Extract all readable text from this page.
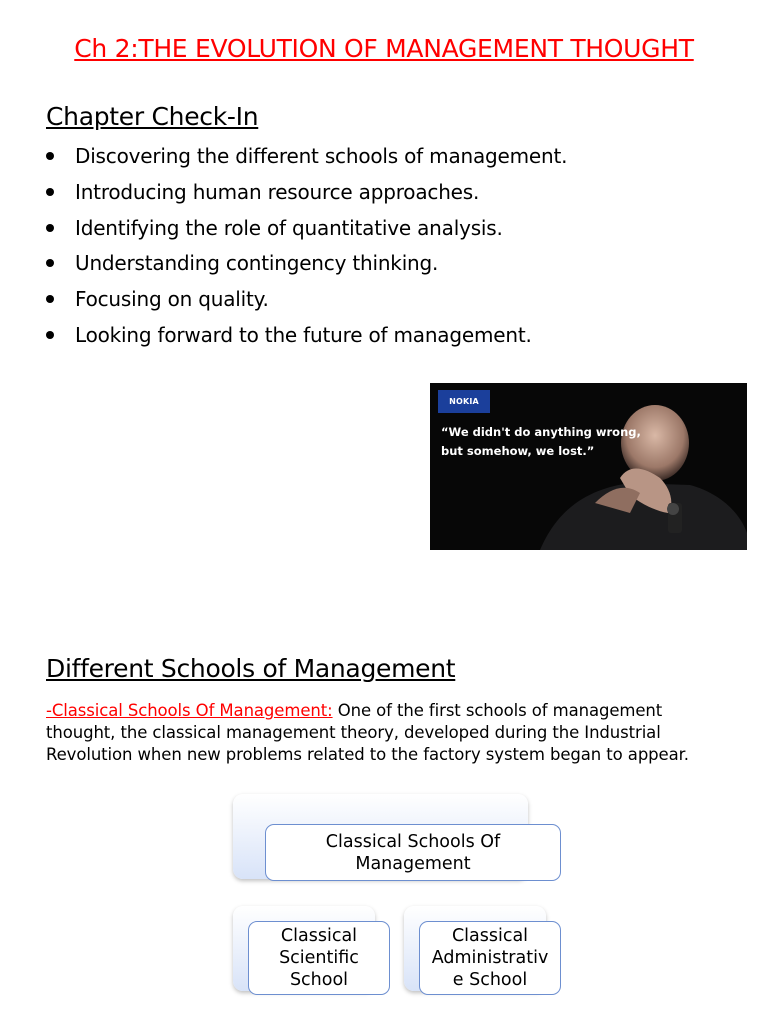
Ch 2:THE EVOLUTION OF MANAGEMENT THOUGHT
Chapter Check-In
Discovering the different schools of management.
Introducing human resource approaches.
Identifying the role of quantitative analysis.
Understanding contingency thinking.
Focusing on quality.
Looking forward to the future of management.
NOKIA
“We didn't do anything wrong,
but somehow, we lost.”
Different Schools of Management
-Classical Schools Of Management: One of the first schools of management thought, the classical management theory, developed during the Industrial Revolution when new problems related to the factory system began to appear.
Classical Schools Of
Management
Classical
Scientific
School
Classical
Administrativ
e School
